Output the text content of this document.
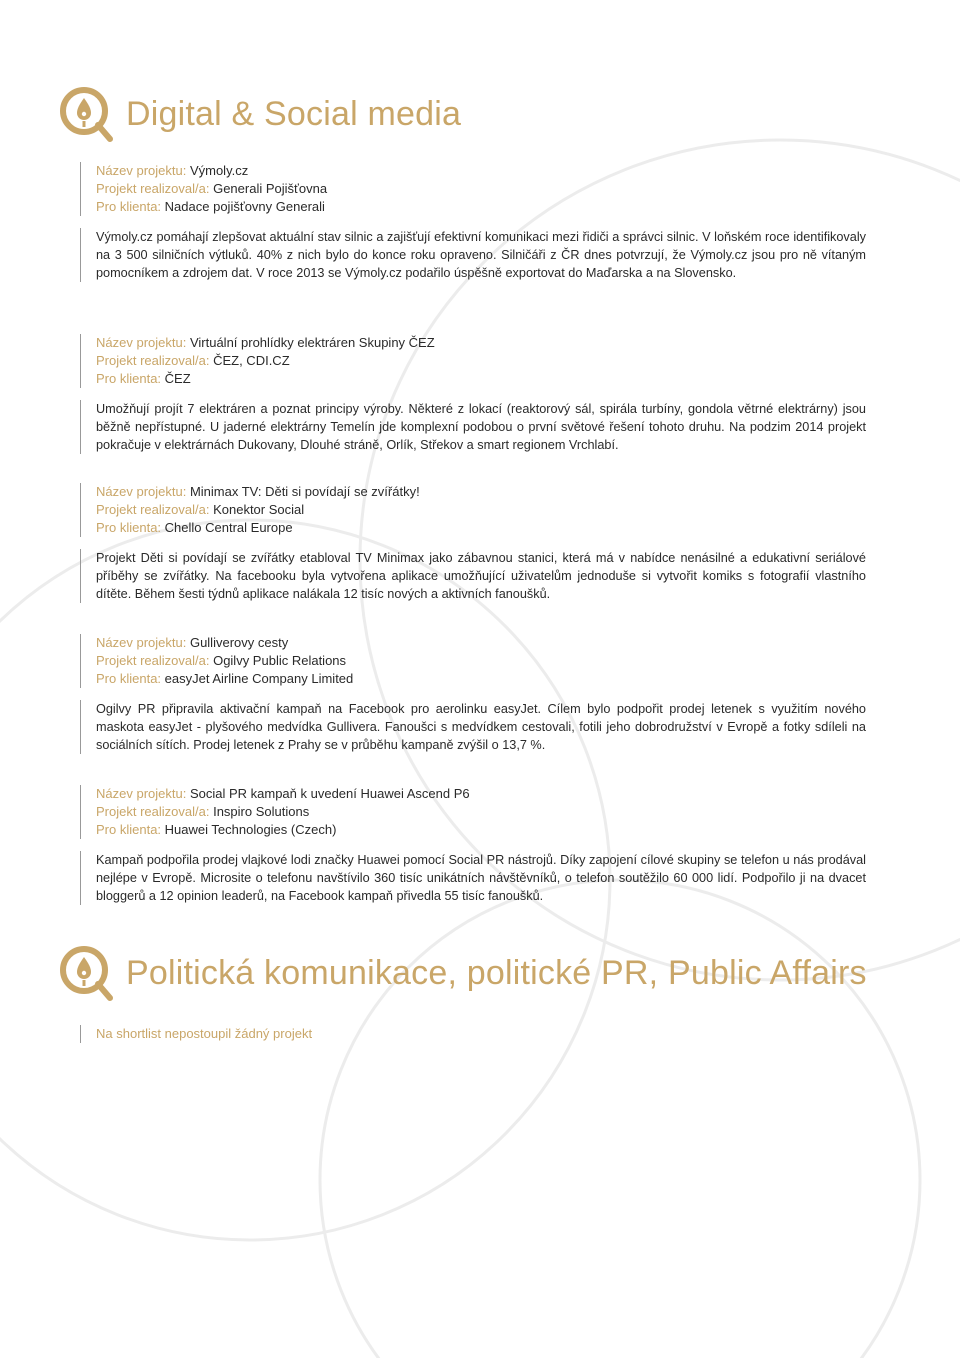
Digital & Social media
Název projektu: Výmoly.cz
Projekt realizoval/a: Generali Pojišťovna
Pro klienta: Nadace pojišťovny Generali
Výmoly.cz pomáhají zlepšovat aktuální stav silnic a zajišťují efektivní komunikaci mezi řidiči a správci silnic. V loňském roce identifikovaly na 3 500 silničních výtluků. 40% z nich bylo do konce roku opraveno. Silničáři z ČR dnes potvrzují, že Výmoly.cz jsou pro ně vítaným pomocníkem a zdrojem dat. V roce 2013 se Výmoly.cz podařilo úspěšně exportovat do Maďarska a na Slovensko.
Název projektu: Virtuální prohlídky elektráren Skupiny ČEZ
Projekt realizoval/a: ČEZ, CDI.CZ
Pro klienta: ČEZ
Umožňují projít 7 elektráren a poznat principy výroby. Některé z lokací (reaktorový sál, spirála turbíny, gondola větrné elektrárny) jsou běžně nepřístupné. U jaderné elektrárny Temelín jde komplexní podobou o první světové řešení tohoto druhu. Na podzim 2014 projekt pokračuje v elektrárnách Dukovany, Dlouhé stráně, Orlík, Střekov a smart regionem Vrchlabí.
Název projektu: Minimax TV: Děti si povídají se zvířátky!
Projekt realizoval/a: Konektor Social
Pro klienta: Chello Central Europe
Projekt Děti si povídají se zvířátky etabloval TV Minimax jako zábavnou stanici, která má v nabídce nenásilné a edukativní seriálové příběhy se zvířátky. Na facebooku byla vytvořena aplikace umožňující uživatelům jednoduše si vytvořit komiks s fotografií vlastního dítěte. Během šesti týdnů aplikace nalákala 12 tisíc nových a aktivních fanoušků.
Název projektu: Gulliverovy cesty
Projekt realizoval/a: Ogilvy Public Relations
Pro klienta: easyJet Airline Company Limited
Ogilvy PR připravila aktivační kampaň na Facebook pro aerolinku easyJet. Cílem bylo podpořit prodej letenek s využitím nového maskota easyJet - plyšového medvídka Gullivera. Fanoušci s medvídkem cestovali, fotili jeho dobrodružství v Evropě a fotky sdíleli na sociálních sítích. Prodej letenek z Prahy se v průběhu kampaně zvýšil o 13,7 %.
Název projektu: Social PR kampaň k uvedení Huawei Ascend P6
Projekt realizoval/a: Inspiro Solutions
Pro klienta: Huawei Technologies (Czech)
Kampaň podpořila prodej vlajkové lodi značky Huawei pomocí Social PR nástrojů. Díky zapojení cílové skupiny se telefon u nás prodával nejlépe v Evropě. Microsite o telefonu navštívilo 360 tisíc unikátních návštěvníků, o telefon soutěžilo 60 000 lidí. Podpořilo ji na dvacet bloggerů a 12 opinion leaderů, na Facebook kampaň přivedla 55 tisíc fanoušků.
Politická komunikace, politické PR, Public Affairs
Na shortlist nepostoupil žádný projekt
